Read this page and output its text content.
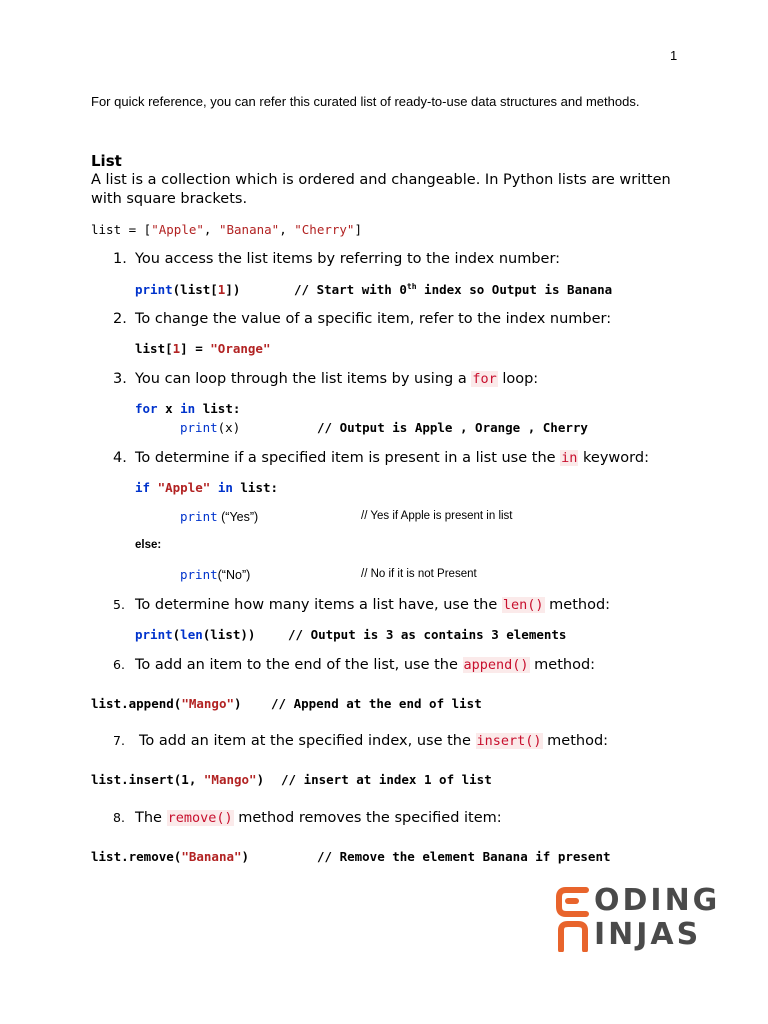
1
For quick reference, you can refer this curated list of ready-to-use data structures and methods.
List
A list is a collection which is ordered and changeable. In Python lists are written
with square brackets.
list = ["Apple", "Banana", "Cherry"]
1. You access the list items by referring to the index number:
print(list[1])	// Start with 0th index so Output is Banana
2. To change the value of a specific item, refer to the index number:
list[1] = "Orange"
3. You can loop through the list items by using a for loop:
for x in list:
print(x)	// Output is Apple , Orange , Cherry
4. To determine if a specified item is present in a list use the in keyword:
if "Apple" in list:
print (“Yes”)	// Yes if Apple is present in list
else:
print(“No”)	// No if it is not Present
5. To determine how many items a list have, use the len() method:
print(len(list))	// Output is 3 as contains 3 elements
6. To add an item to the end of the list, use the append() method:
list.append("Mango") // Append at the end of list
7. To add an item at the specified index, use the insert() method:
list.insert(1, "Mango") // insert at index 1 of list
8. The remove() method removes the specified item:
list.remove("Banana")	// Remove the element Banana if present
ODING
INJAS
